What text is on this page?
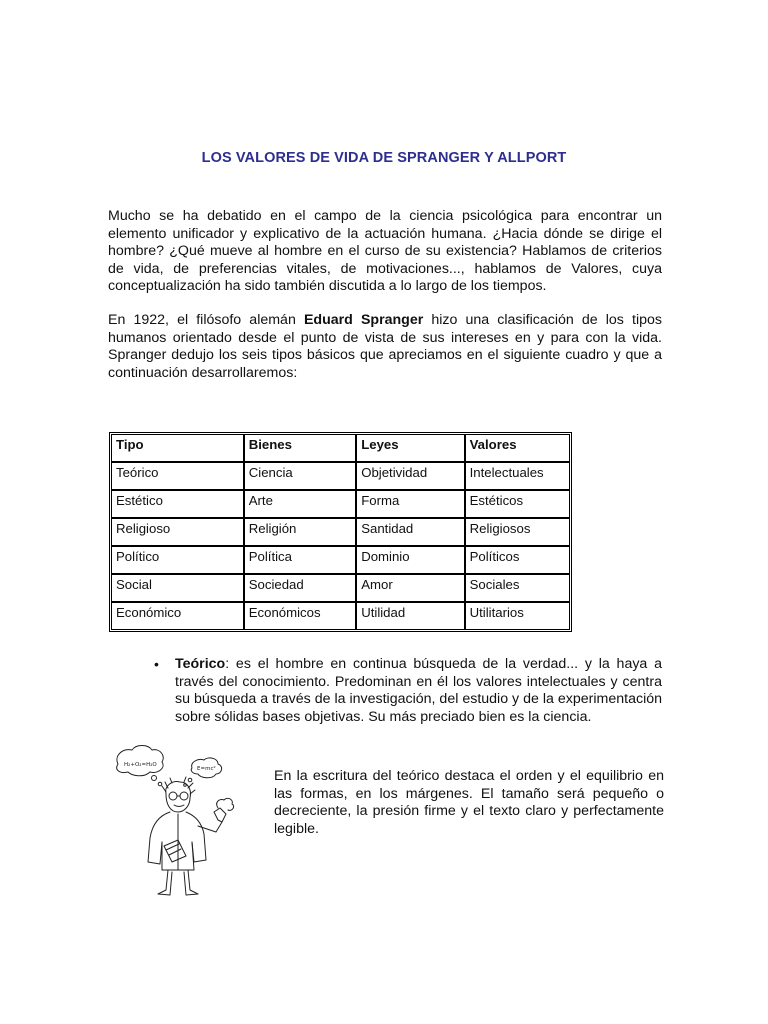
LOS VALORES DE VIDA DE SPRANGER Y ALLPORT

Mucho se ha debatido en el campo de la ciencia psicológica para encontrar un elemento unificador y explicativo de la actuación humana. ¿Hacia dónde se dirige el hombre? ¿Qué mueve al hombre en el curso de su existencia? Hablamos de criterios de vida, de preferencias vitales, de motivaciones..., hablamos de Valores, cuya conceptualización ha sido también discutida a lo largo de los tiempos.

En 1922, el filósofo alemán Eduard Spranger hizo una clasificación de los tipos humanos orientado desde el punto de vista de sus intereses en y para con la vida. Spranger dedujo los seis tipos básicos que apreciamos en el siguiente cuadro y que a continuación desarrollaremos:

Tipo	Bienes	Leyes	Valores
Teórico	Ciencia	Objetividad	Intelectuales
Estético	Arte	Forma	Estéticos
Religioso	Religión	Santidad	Religiosos
Político	Política	Dominio	Políticos
Social	Sociedad	Amor	Sociales
Económico	Económicos	Utilidad	Utilitarios
• Teórico: es el hombre en continua búsqueda de la verdad... y la haya a través del conocimiento. Predominan en él los valores intelectuales y centra su búsqueda a través de la investigación, del estudio y de la experimentación sobre sólidas bases objetivas. Su más preciado bien es la ciencia.

H₂+O₂=H₂O
E=mc²	En la escritura del teórico destaca el orden y el equilibrio en las formas, en los márgenes. El tamaño será pequeño o decreciente, la presión firme y el texto claro y perfectamente legible.
